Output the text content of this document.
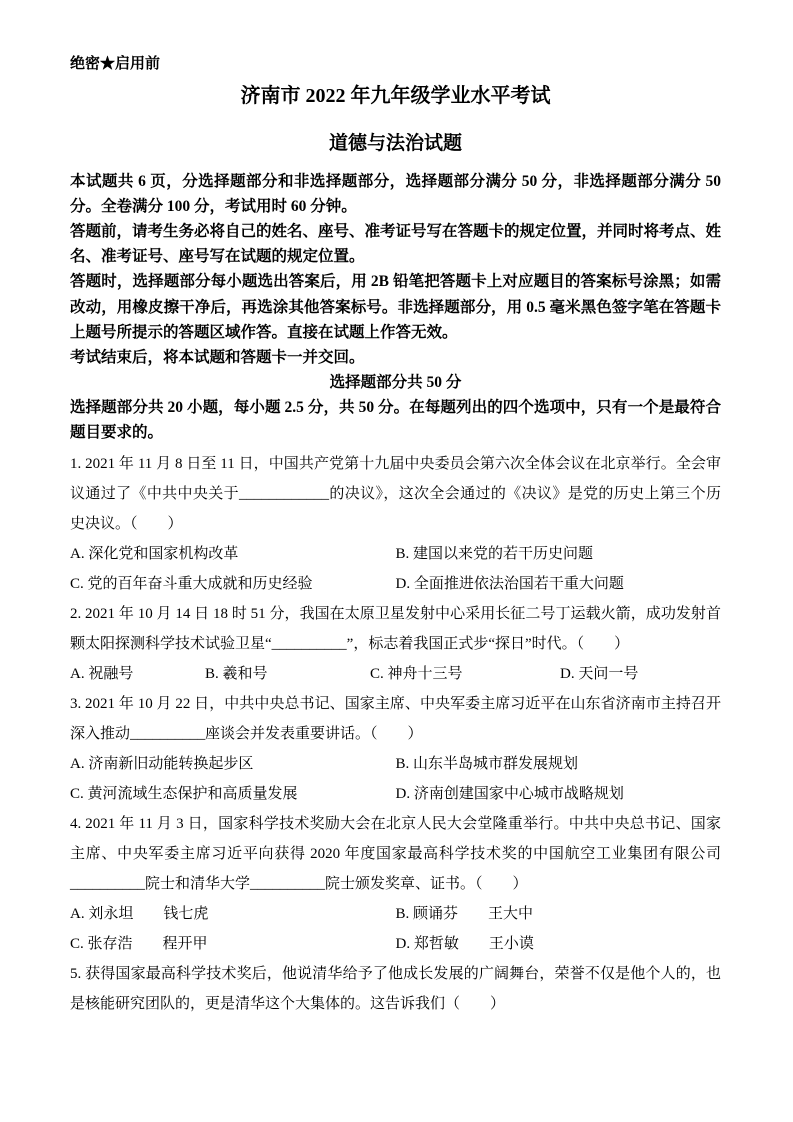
绝密★启用前
济南市 2022 年九年级学业水平考试
道德与法治试题

本试题共 6 页，分选择题部分和非选择题部分，选择题部分满分 50 分，非选择题部分满分 50 分。全卷满分 100 分，考试用时 60 分钟。

答题前，请考生务必将自己的姓名、座号、准考证号写在答题卡的规定位置，并同时将考点、姓名、准考证号、座号写在试题的规定位置。

答题时，选择题部分每小题选出答案后，用 2B 铅笔把答题卡上对应题目的答案标号涂黑；如需改动，用橡皮擦干净后，再选涂其他答案标号。非选择题部分，用 0.5 毫米黑色签字笔在答题卡上题号所提示的答题区域作答。直接在试题上作答无效。

考试结束后，将本试题和答题卡一并交回。

选择题部分共 50 分

选择题部分共 20 小题，每小题 2.5 分，共 50 分。在每题列出的四个选项中，只有一个是最符合题目要求的。

1. 2021 年 11 月 8 日至 11 日，中国共产党第十九届中央委员会第六次全体会议在北京举行。全会审议通过了《中共中央关于____________的决议》，这次全会通过的《决议》是党的历史上第三个历史决议。（　　）

A. 深化党和国家机构改革	B. 建国以来党的若干历史问题
C. 党的百年奋斗重大成就和历史经验	D. 全面推进依法治国若干重大问题

2. 2021 年 10 月 14 日 18 时 51 分，我国在太原卫星发射中心采用长征二号丁运载火箭，成功发射首颗太阳探测科学技术试验卫星“__________”，标志着我国正式步“探日”时代。（　　）

A. 祝融号	B. 羲和号	C. 神舟十三号	D. 天问一号

3. 2021 年 10 月 22 日，中共中央总书记、国家主席、中央军委主席习近平在山东省济南市主持召开深入推动__________座谈会并发表重要讲话。（　　）

A. 济南新旧动能转换起步区	B. 山东半岛城市群发展规划
C. 黄河流域生态保护和高质量发展	D. 济南创建国家中心城市战略规划

4. 2021 年 11 月 3 日，国家科学技术奖励大会在北京人民大会堂隆重举行。中共中央总书记、国家主席、中央军委主席习近平向获得 2020 年度国家最高科学技术奖的中国航空工业集团有限公司__________院士和清华大学__________院士颁发奖章、证书。（　　）

A. 刘永坦　　钱七虎	B. 顾诵芬　　王大中
C. 张存浩　　程开甲	D. 郑哲敏　　王小谟

5. 获得国家最高科学技术奖后，他说清华给予了他成长发展的广阔舞台，荣誉不仅是他个人的，也是核能研究团队的，更是清华这个大集体的。这告诉我们（　　）
